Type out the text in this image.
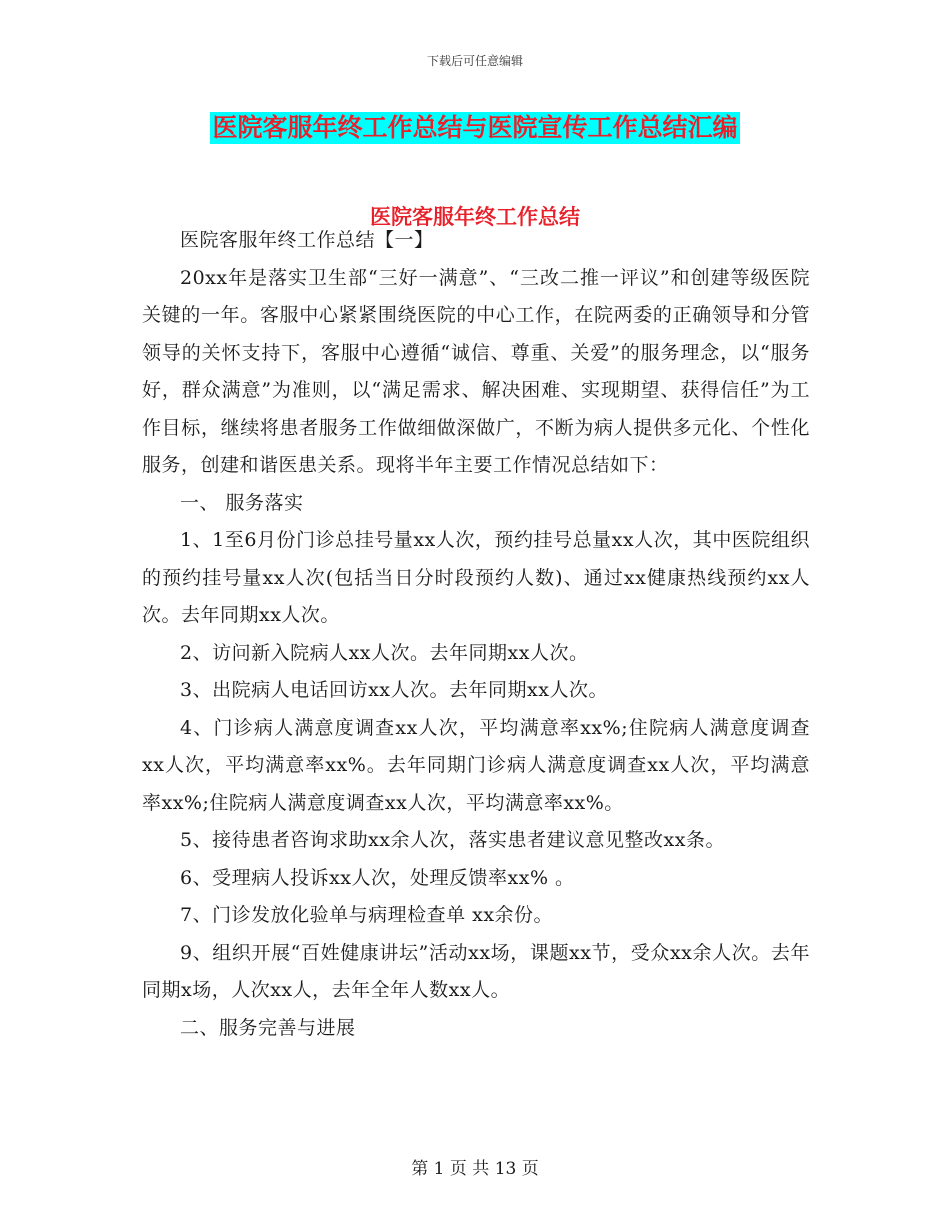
下载后可任意编辑
医院客服年终工作总结与医院宣传工作总结汇编
医院客服年终工作总结

医院客服年终工作总结【一】

20xx年是落实卫生部“三好一满意”、“三改二推一评议”和创建等级医院关键的一年。客服中心紧紧围绕医院的中心工作，在院两委的正确领导和分管领导的关怀支持下，客服中心遵循“诚信、尊重、关爱”的服务理念，以“服务好，群众满意”为准则，以“满足需求、解决困难、实现期望、获得信任”为工作目标，继续将患者服务工作做细做深做广，不断为病人提供多元化、个性化服务，创建和谐医患关系。现将半年主要工作情况总结如下：

一、 服务落实

1、1至6月份门诊总挂号量xx人次，预约挂号总量xx人次，其中医院组织的预约挂号量xx人次(包括当日分时段预约人数)、通过xx健康热线预约xx人次。去年同期xx人次。

2、访问新入院病人xx人次。去年同期xx人次。

3、出院病人电话回访xx人次。去年同期xx人次。

4、门诊病人满意度调查xx人次，平均满意率xx%;住院病人满意度调查xx人次，平均满意率xx%。去年同期门诊病人满意度调查xx人次，平均满意率xx%;住院病人满意度调查xx人次，平均满意率xx%。

5、接待患者咨询求助xx余人次，落实患者建议意见整改xx条。

6、受理病人投诉xx人次，处理反馈率xx% 。

7、门诊发放化验单与病理检查单 xx余份。

9、组织开展“百姓健康讲坛”活动xx场，课题xx节，受众xx余人次。去年同期x场，人次xx人，去年全年人数xx人。

二、服务完善与进展

第 1 页 共 13 页
